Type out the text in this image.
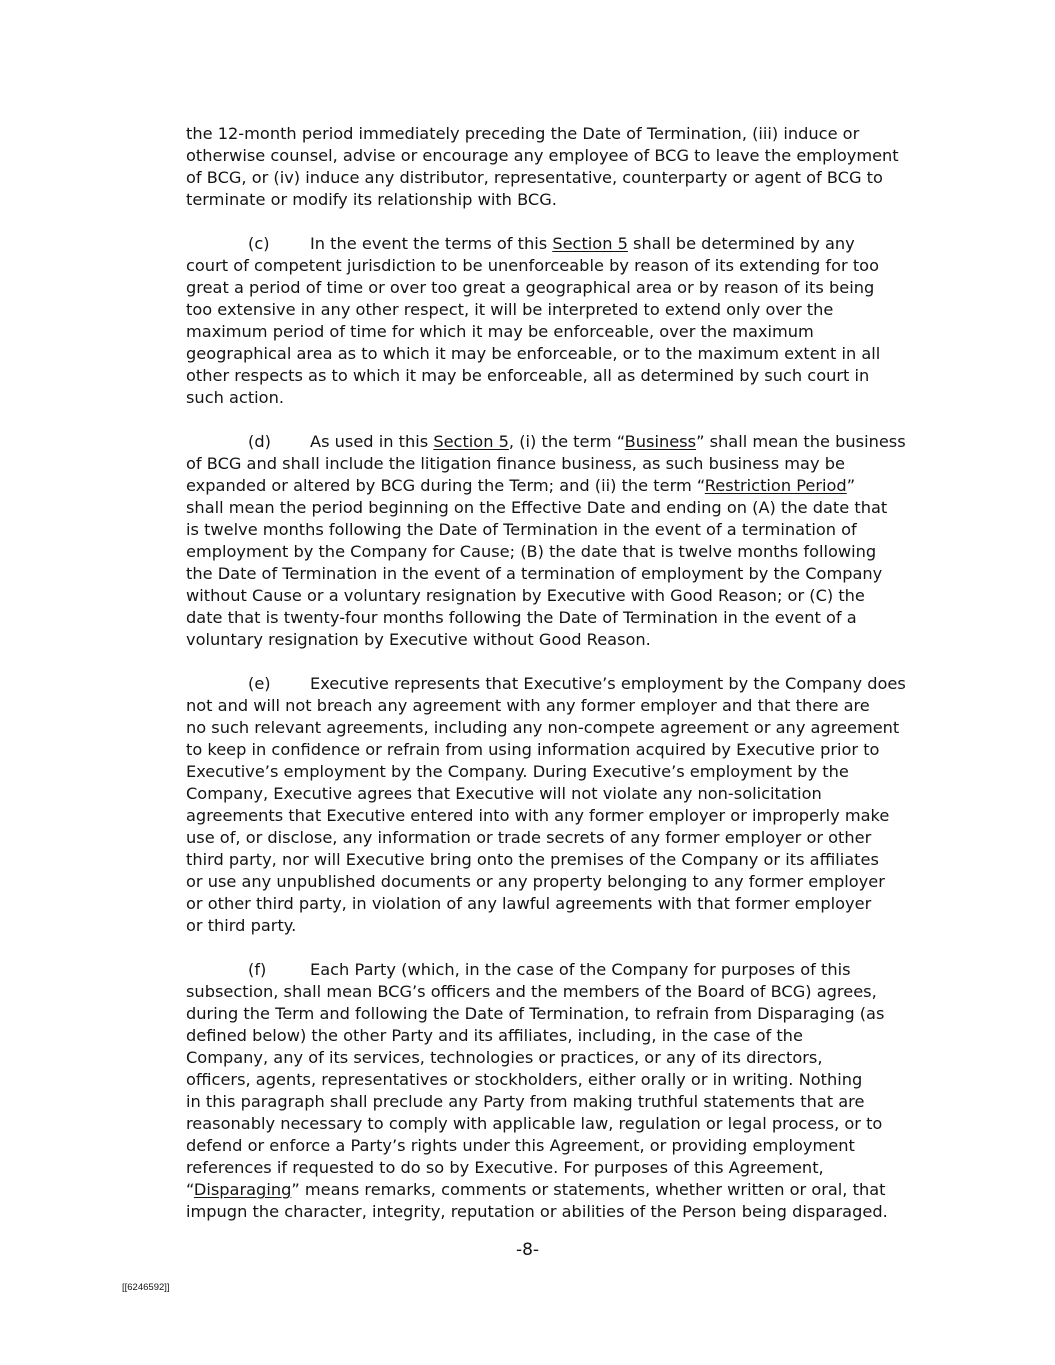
the 12-month period immediately preceding the Date of Termination, (iii) induce or
otherwise counsel, advise or encourage any employee of BCG to leave the employment
of BCG, or (iv) induce any distributor, representative, counterparty or agent of BCG to
terminate or modify its relationship with BCG.
(c) In the event the terms of this Section 5 shall be determined by any
court of competent jurisdiction to be unenforceable by reason of its extending for too
great a period of time or over too great a geographical area or by reason of its being
too extensive in any other respect, it will be interpreted to extend only over the
maximum period of time for which it may be enforceable, over the maximum
geographical area as to which it may be enforceable, or to the maximum extent in all
other respects as to which it may be enforceable, all as determined by such court in
such action.
(d) As used in this Section 5, (i) the term “Business” shall mean the business
of BCG and shall include the litigation finance business, as such business may be
expanded or altered by BCG during the Term; and (ii) the term “Restriction Period”
shall mean the period beginning on the Effective Date and ending on (A) the date that
is twelve months following the Date of Termination in the event of a termination of
employment by the Company for Cause; (B) the date that is twelve months following
the Date of Termination in the event of a termination of employment by the Company
without Cause or a voluntary resignation by Executive with Good Reason; or (C) the
date that is twenty-four months following the Date of Termination in the event of a
voluntary resignation by Executive without Good Reason.
(e) Executive represents that Executive’s employment by the Company does
not and will not breach any agreement with any former employer and that there are
no such relevant agreements, including any non-compete agreement or any agreement
to keep in confidence or refrain from using information acquired by Executive prior to
Executive’s employment by the Company. During Executive’s employment by the
Company, Executive agrees that Executive will not violate any non-solicitation
agreements that Executive entered into with any former employer or improperly make
use of, or disclose, any information or trade secrets of any former employer or other
third party, nor will Executive bring onto the premises of the Company or its affiliates
or use any unpublished documents or any property belonging to any former employer
or other third party, in violation of any lawful agreements with that former employer
or third party.
(f)	Each Party (which, in the case of the Company for purposes of this
subsection, shall mean BCG’s officers and the members of the Board of BCG) agrees,
during the Term and following the Date of Termination, to refrain from Disparaging (as
defined below) the other Party and its affiliates, including, in the case of the
Company, any of its services, technologies or practices, or any of its directors,
officers, agents, representatives or stockholders, either orally or in writing. Nothing
in this paragraph shall preclude any Party from making truthful statements that are
reasonably necessary to comply with applicable law, regulation or legal process, or to
defend or enforce a Party’s rights under this Agreement, or providing employment
references if requested to do so by Executive. For purposes of this Agreement,
“Disparaging” means remarks, comments or statements, whether written or oral, that
impugn the character, integrity, reputation or abilities of the Person being disparaged.
-8-
[[6246592]]
